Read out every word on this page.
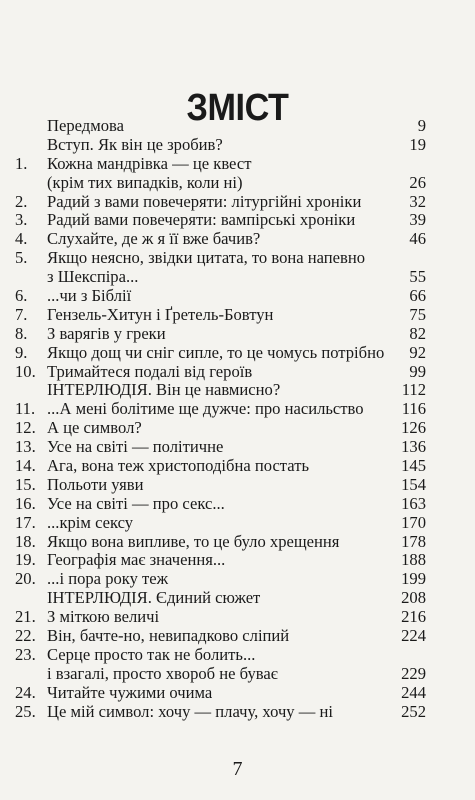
ЗМІСТ
Передмова	9
Вступ. Як він це зробив?	19
1. Кожна мандрівка — це квест
(крім тих випадків, коли ні)	26
2. Радий з вами повечеряти: літургійні хроніки	32
3. Радий вами повечеряти: вампірські хроніки	39
4. Слухайте, де ж я її вже бачив?	46
5. Якщо неясно, звідки цитата, то вона напевно
з Шекспіра...	55
6. ...чи з Біблії	66
7. Гензель-Хитун і Ґретель-Бовтун	75
8. З варягів у греки	82
9. Якщо дощ чи сніг сипле, то це чомусь потрібно 92
10. Тримайтеся подалі від героїв	99
ІНТЕРЛЮДІЯ. Він це навмисно?	112
11. ...А мені болітиме ще дужче: про насильство 116
12. А це символ?	126
13. Усе на світі — політичне	136
14. Ага, вона теж христоподібна постать	145
15. Польоти уяви	154
16. Усе на світі — про секс...	163
17. ...крім сексу	170
18. Якщо вона випливе, то це було хрещення	178
19. Географія має значення...	188
20. ...і пора року теж	199
ІНТЕРЛЮДІЯ. Єдиний сюжет	208
21. З міткою величі	216
22. Він, бачте-но, невипадково сліпий	224
23. Серце просто так не болить...
і взагалі, просто хвороб не буває	229
24. Читайте чужими очима	244
25. Це мій символ: хочу — плачу, хочу — ні	252
7
